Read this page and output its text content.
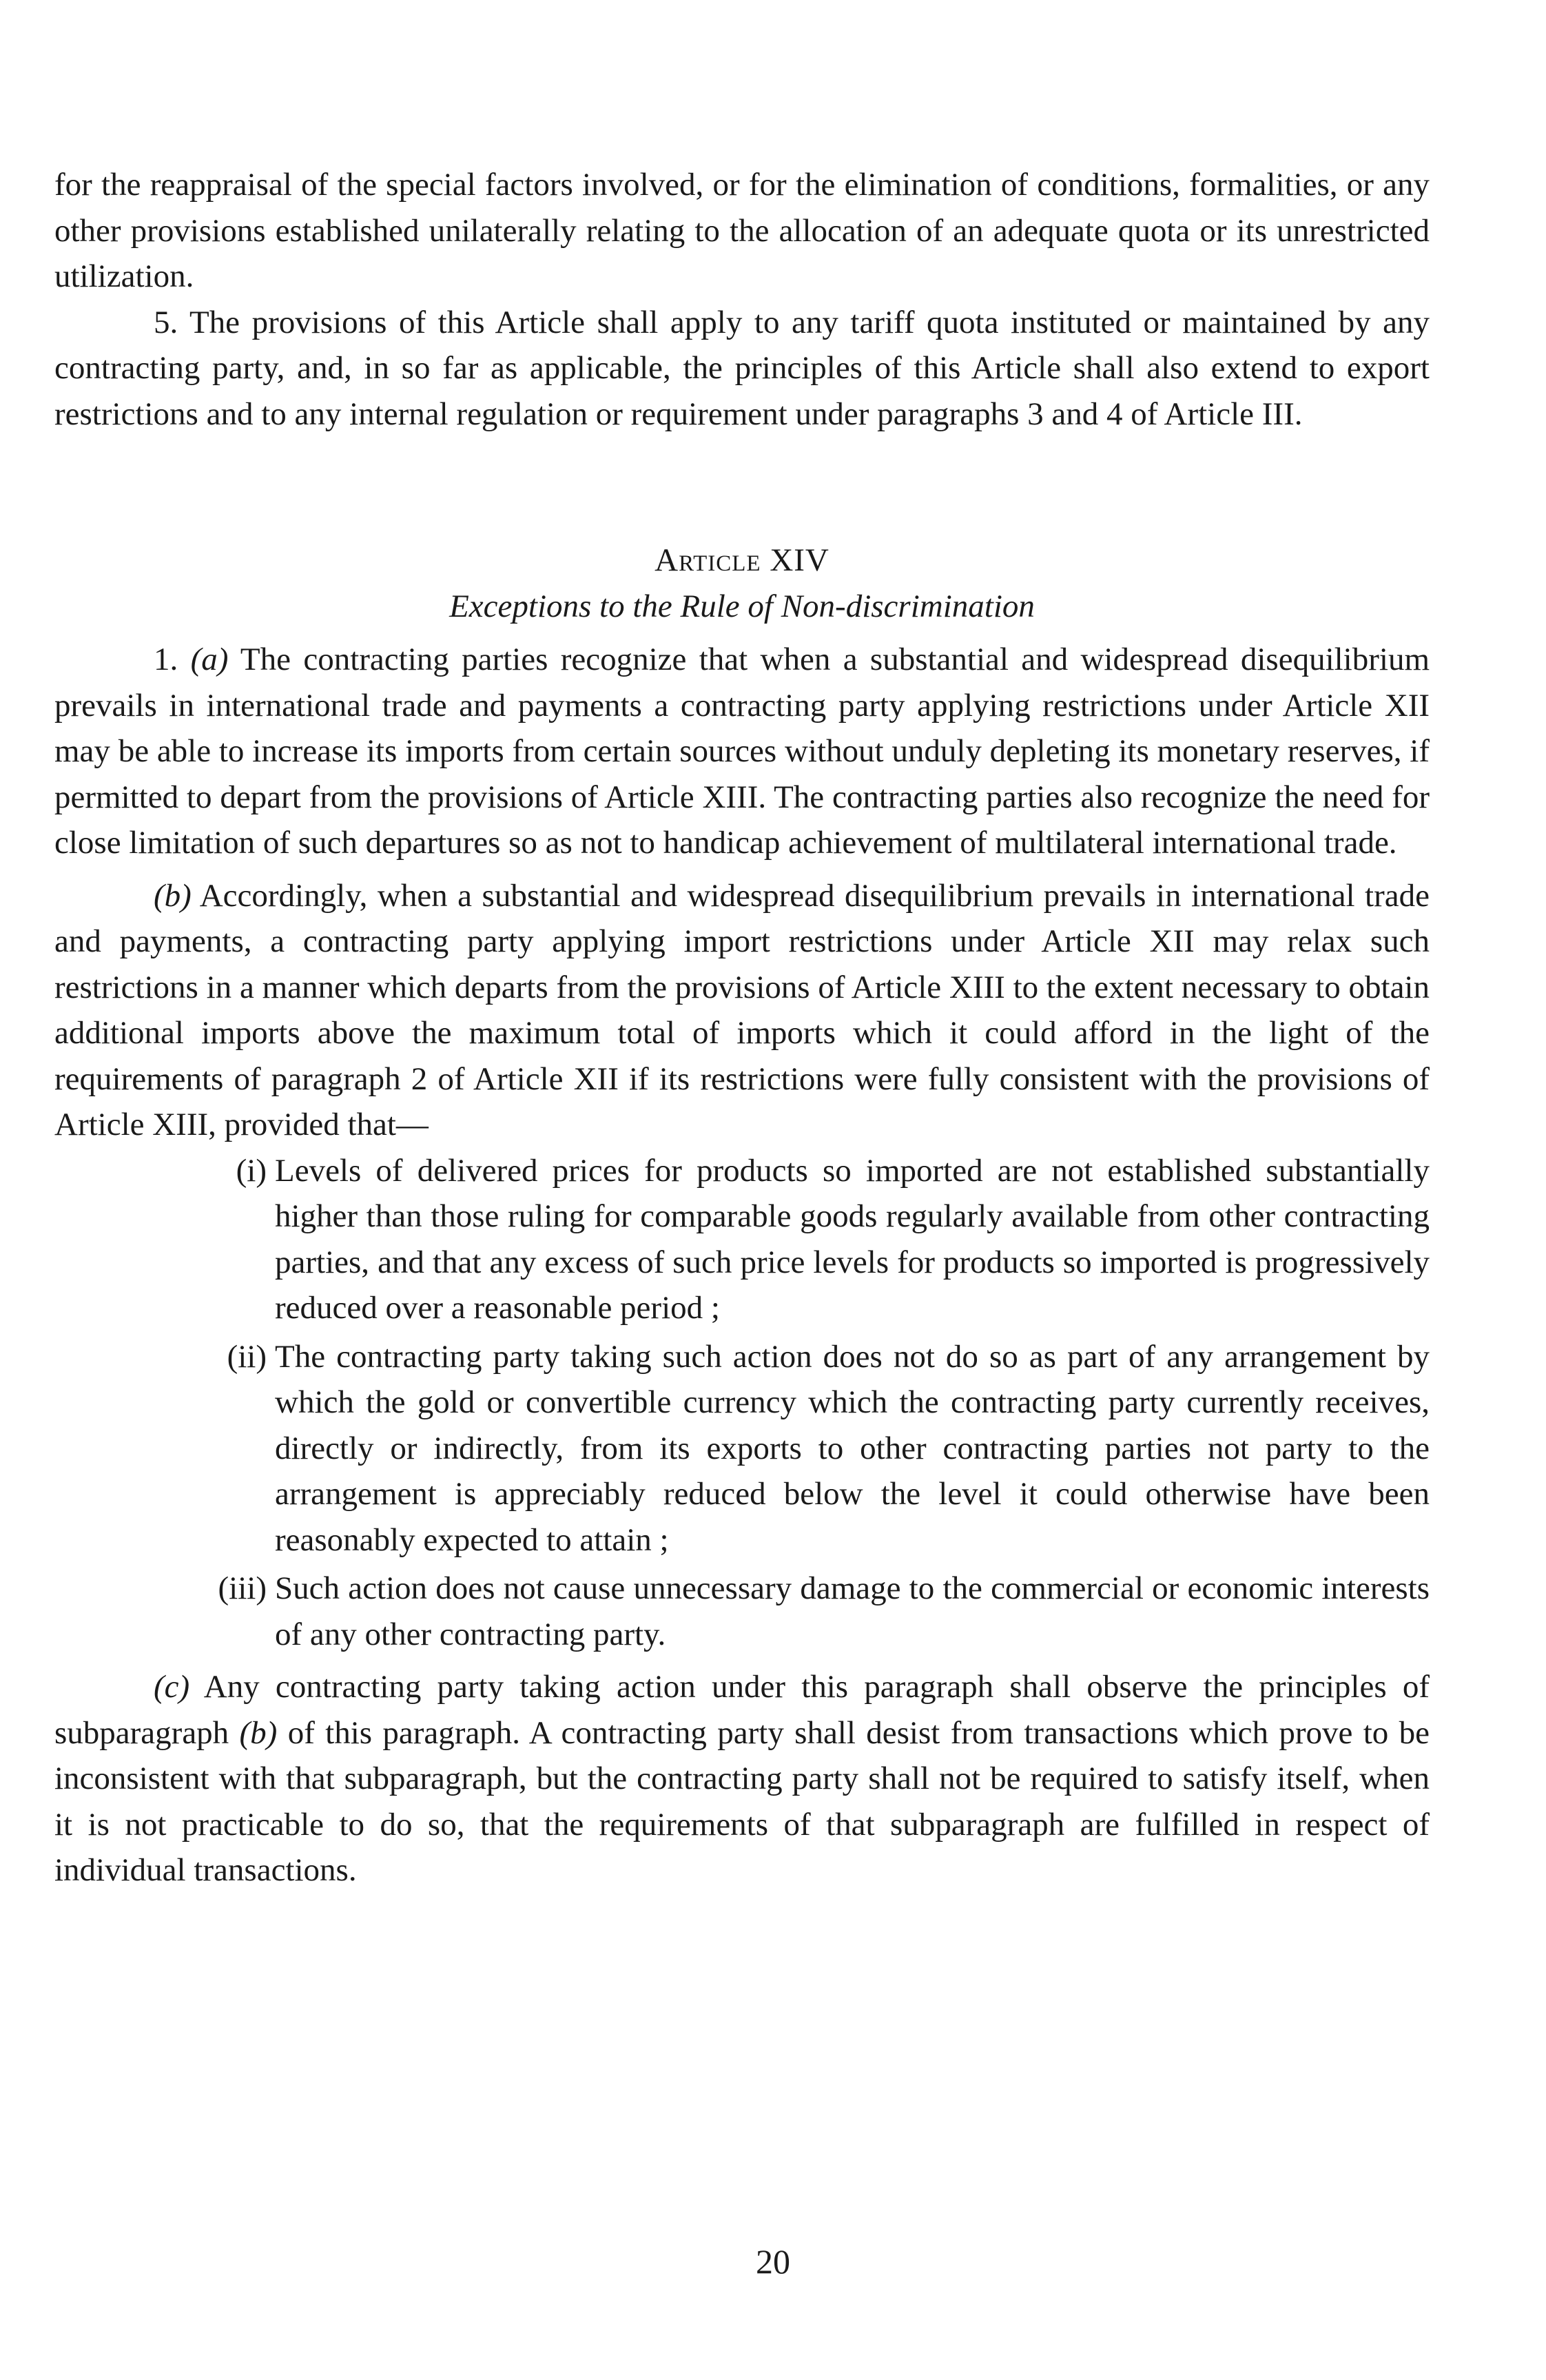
for the reappraisal of the special factors involved, or for the elimination of conditions, formalities, or any other provisions established unilaterally relating to the allocation of an adequate quota or its unrestricted utilization.

5. The provisions of this Article shall apply to any tariff quota instituted or maintained by any contracting party, and, in so far as applicable, the principles of this Article shall also extend to export restrictions and to any internal regulation or requirement under paragraphs 3 and 4 of Article III.

Article XIV

Exceptions to the Rule of Non-discrimination

1. (a) The contracting parties recognize that when a substantial and widespread disequilibrium prevails in international trade and payments a contracting party applying restrictions under Article XII may be able to increase its imports from certain sources without unduly depleting its monetary reserves, if permitted to depart from the provisions of Article XIII. The contracting parties also recognize the need for close limitation of such departures so as not to handicap achievement of multilateral international trade.

(b) Accordingly, when a substantial and widespread disequilibrium prevails in international trade and payments, a contracting party applying import restrictions under Article XII may relax such restrictions in a manner which departs from the provisions of Article XIII to the extent necessary to obtain additional imports above the maximum total of imports which it could afford in the light of the requirements of paragraph 2 of Article XII if its restrictions were fully consistent with the provisions of Article XIII, provided that—

(i) Levels of delivered prices for products so imported are not established substantially higher than those ruling for comparable goods regularly available from other contracting parties, and that any excess of such price levels for products so imported is progressively reduced over a reasonable period ;
(ii) The contracting party taking such action does not do so as part of any arrangement by which the gold or convertible currency which the contracting party currently receives, directly or indirectly, from its exports to other contracting parties not party to the arrangement is appreciably reduced below the level it could otherwise have been reasonably expected to attain ;
(iii) Such action does not cause unnecessary damage to the commercial or economic interests of any other contracting party.

(c) Any contracting party taking action under this paragraph shall observe the principles of subparagraph (b) of this paragraph. A contracting party shall desist from transactions which prove to be inconsistent with that subparagraph, but the contracting party shall not be required to satisfy itself, when it is not practicable to do so, that the requirements of that subparagraph are fulfilled in respect of individual transactions.

20
